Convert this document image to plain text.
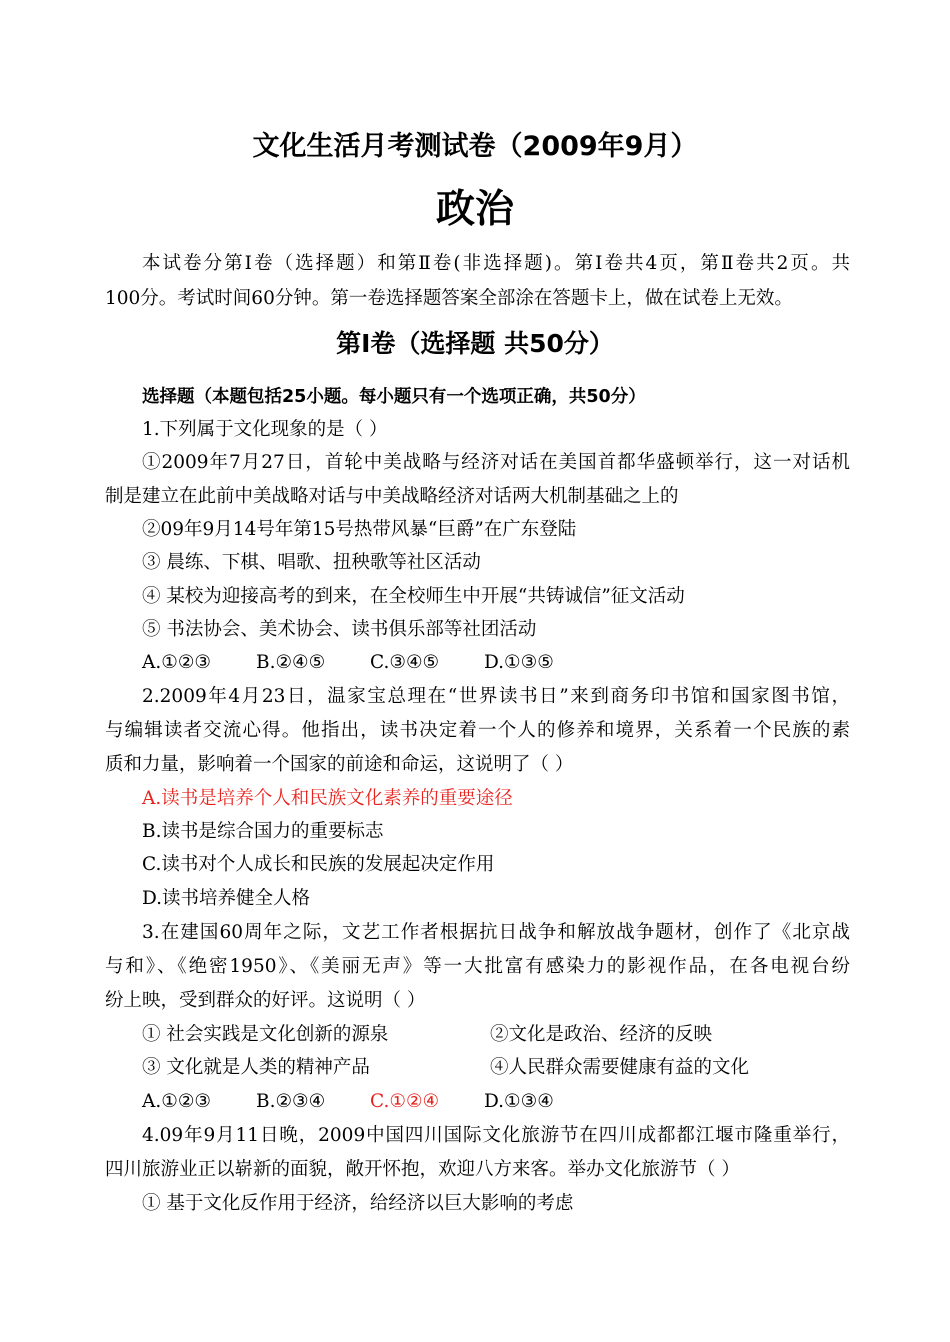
文化生活月考测试卷（2009年9月）
政治
本试卷分第Ⅰ卷（选择题）和第Ⅱ卷(非选择题)。第Ⅰ卷共4页，第Ⅱ卷共2页。共
100分。考试时间60分钟。第一卷选择题答案全部涂在答题卡上，做在试卷上无效。
第Ⅰ卷（选择题 共50分）
选择题（本题包括25小题。每小题只有一个选项正确，共50分）
1.下列属于文化现象的是（ ）
①2009年7月27日，首轮中美战略与经济对话在美国首都华盛顿举行，这一对话机
制是建立在此前中美战略对话与中美战略经济对话两大机制基础之上的
②09年9月14号年第15号热带风暴“巨爵”在广东登陆
③ 晨练、下棋、唱歌、扭秧歌等社区活动
④ 某校为迎接高考的到来，在全校师生中开展“共铸诚信”征文活动
⑤ 书法协会、美术协会、读书俱乐部等社团活动
A.①②③ B.②④⑤ C.③④⑤ D.①③⑤
2.2009年4月23日，温家宝总理在“世界读书日”来到商务印书馆和国家图书馆，
与编辑读者交流心得。他指出，读书决定着一个人的修养和境界，关系着一个民族的素
质和力量，影响着一个国家的前途和命运，这说明了（ ）
A.读书是培养个人和民族文化素养的重要途径
B.读书是综合国力的重要标志
C.读书对个人成长和民族的发展起决定作用
D.读书培养健全人格
3.在建国60周年之际，文艺工作者根据抗日战争和解放战争题材，创作了《北京战
与和》、《绝密1950》、《美丽无声》等一大批富有感染力的影视作品，在各电视台纷
纷上映，受到群众的好评。这说明（ ）
① 社会实践是文化创新的源泉	②文化是政治、经济的反映
③ 文化就是人类的精神产品	④人民群众需要健康有益的文化
A.①②③ B.②③④ C.①②④ D.①③④
4.09年9月11日晚，2009中国四川国际文化旅游节在四川成都都江堰市隆重举行，
四川旅游业正以崭新的面貌，敞开怀抱，欢迎八方来客。举办文化旅游节（ ）
① 基于文化反作用于经济，给经济以巨大影响的考虑
